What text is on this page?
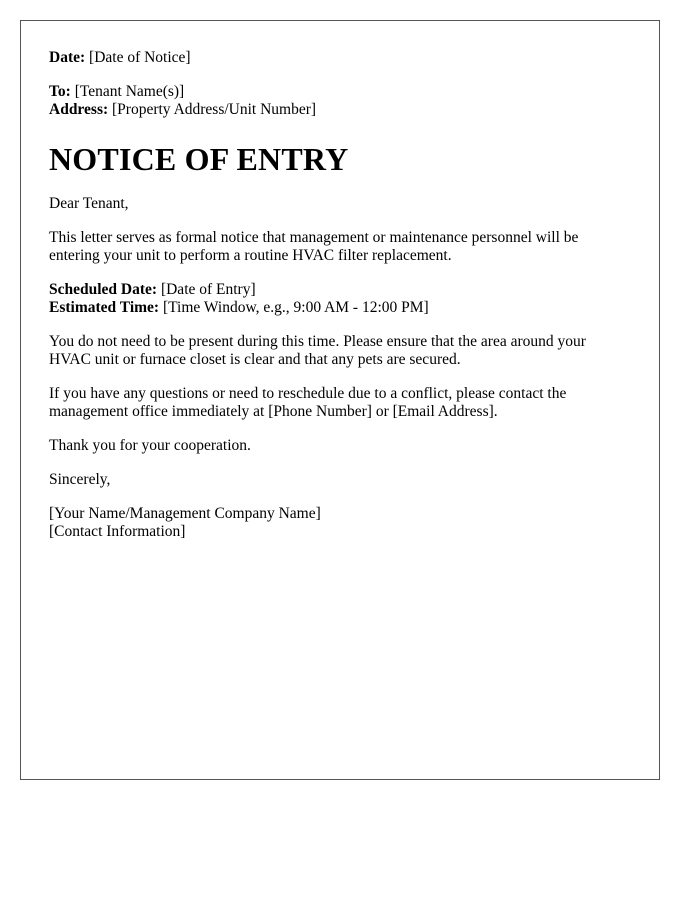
Date: [Date of Notice]

To: [Tenant Name(s)]
Address: [Property Address/Unit Number]

NOTICE OF ENTRY

Dear Tenant,

This letter serves as formal notice that management or maintenance personnel will be entering your unit to perform a routine HVAC filter replacement.

Scheduled Date: [Date of Entry]
Estimated Time: [Time Window, e.g., 9:00 AM - 12:00 PM]

You do not need to be present during this time. Please ensure that the area around your HVAC unit or furnace closet is clear and that any pets are secured.

If you have any questions or need to reschedule due to a conflict, please contact the management office immediately at [Phone Number] or [Email Address].

Thank you for your cooperation.

Sincerely,

[Your Name/Management Company Name]
[Contact Information]
